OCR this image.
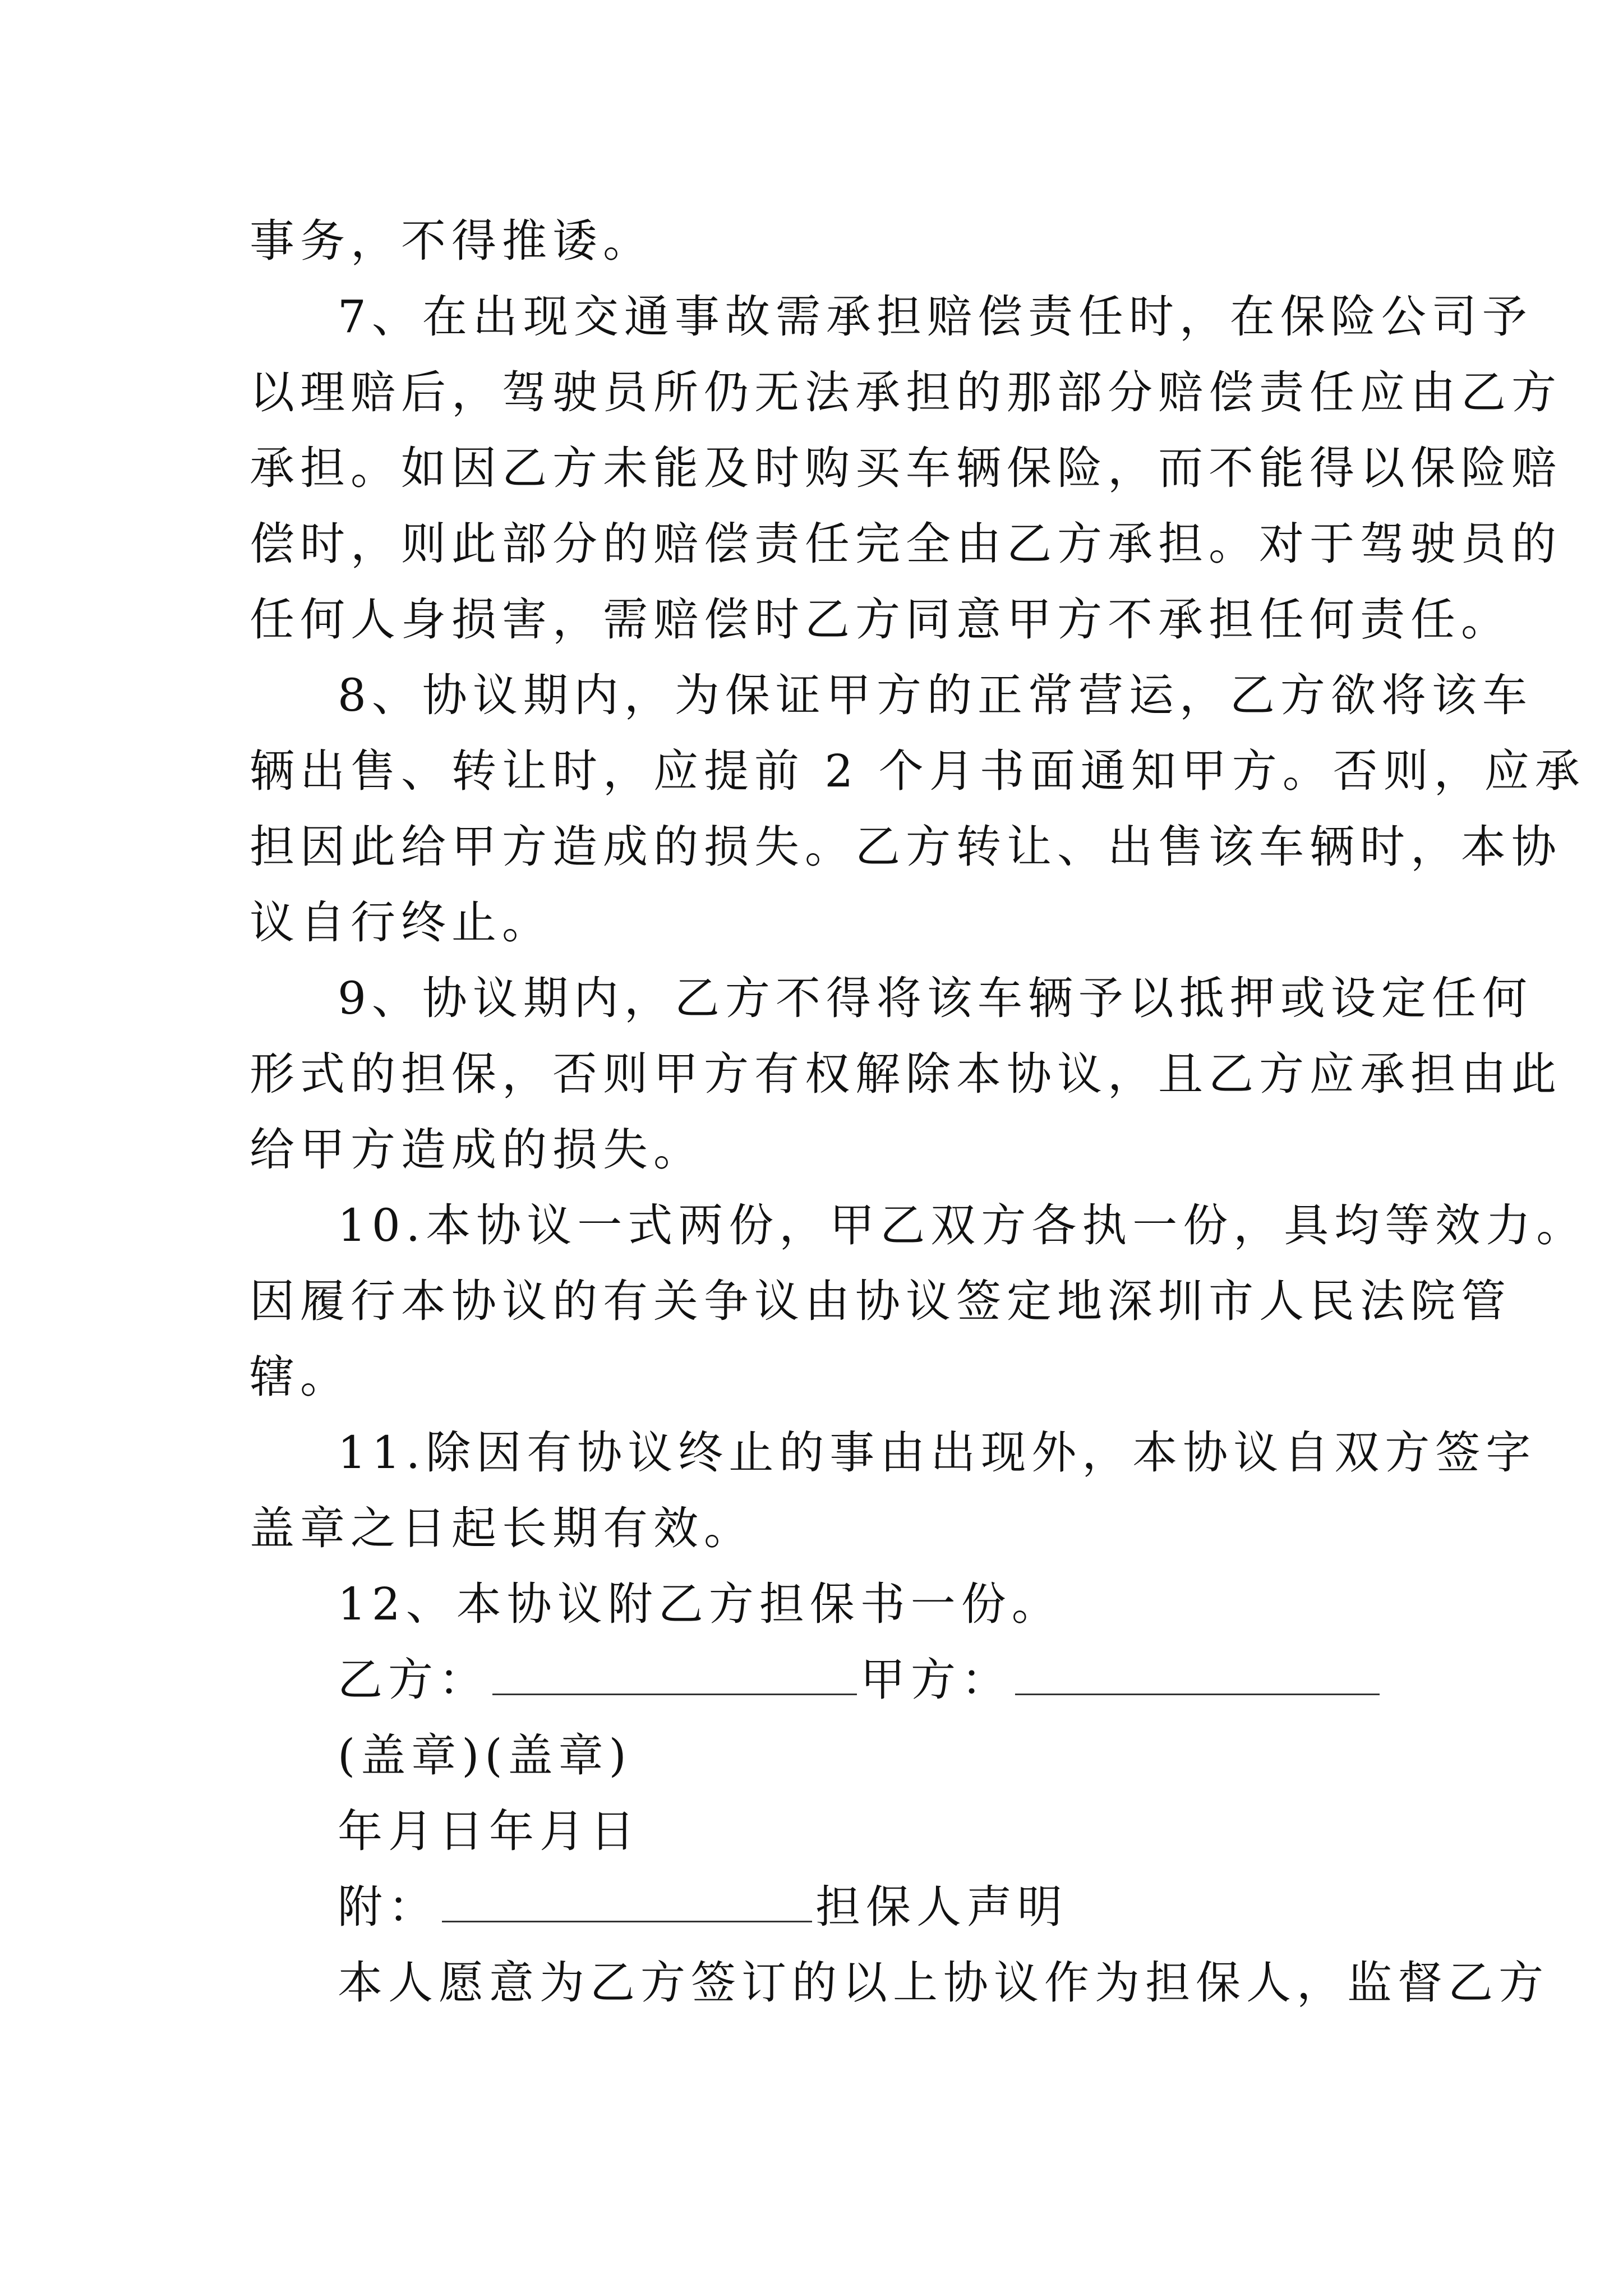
事务，不得推诿。
7、在出现交通事故需承担赔偿责任时，在保险公司予
以理赔后，驾驶员所仍无法承担的那部分赔偿责任应由乙方
承担。如因乙方未能及时购买车辆保险，而不能得以保险赔
偿时，则此部分的赔偿责任完全由乙方承担。对于驾驶员的
任何人身损害，需赔偿时乙方同意甲方不承担任何责任。
8、协议期内，为保证甲方的正常营运，乙方欲将该车
辆出售、转让时，应提前 2 个月书面通知甲方。否则，应承
担因此给甲方造成的损失。乙方转让、出售该车辆时，本协
议自行终止。
9、协议期内，乙方不得将该车辆予以抵押或设定任何
形式的担保，否则甲方有权解除本协议，且乙方应承担由此
给甲方造成的损失。
10.本协议一式两份，甲乙双方各执一份，具均等效力。
因履行本协议的有关争议由协议签定地深圳市人民法院管
辖。
11.除因有协议终止的事由出现外，本协议自双方签字
盖章之日起长期有效。
12、本协议附乙方担保书一份。
乙方：	甲方：
(盖章)(盖章)
年月日年月日
附：	担保人声明
本人愿意为乙方签订的以上协议作为担保人，监督乙方
